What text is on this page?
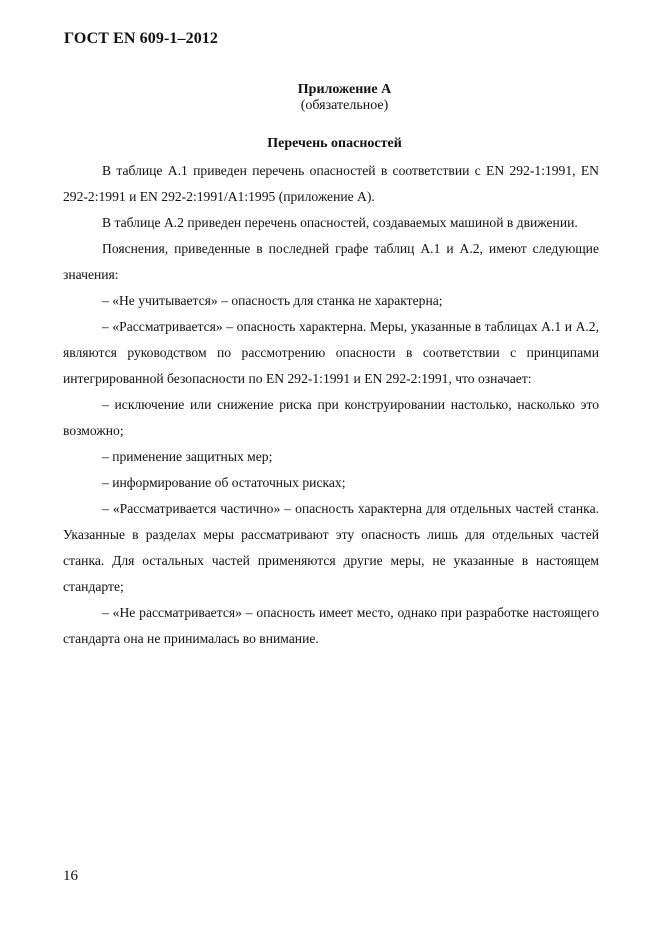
ГОСТ EN 609-1–2012
Приложение А
(обязательное)
Перечень опасностей

В таблице А.1 приведен перечень опасностей в соответствии с EN 292-1:1991, EN 292-2:1991 и EN 292-2:1991/A1:1995 (приложение А).

В таблице А.2 приведен перечень опасностей, создаваемых машиной в движении.

Пояснения, приведенные в последней графе таблиц А.1 и А.2, имеют следующие значения:

– «Не учитывается» – опасность для станка не характерна;

– «Рассматривается» – опасность характерна. Меры, указанные в таблицах А.1 и А.2, являются руководством по рассмотрению опасности в соответствии с принципами интегрированной безопасности по EN 292-1:1991 и EN 292-2:1991, что означает:

– исключение или снижение риска при конструировании настолько, насколько это возможно;

– применение защитных мер;

– информирование об остаточных рисках;

– «Рассматривается частично» – опасность характерна для отдельных частей станка. Указанные в разделах меры рассматривают эту опасность лишь для отдельных частей станка. Для остальных частей применяются другие меры, не указанные в настоящем стандарте;

– «Не рассматривается» – опасность имеет место, однако при разработке настоящего стандарта она не принималась во внимание.

16
